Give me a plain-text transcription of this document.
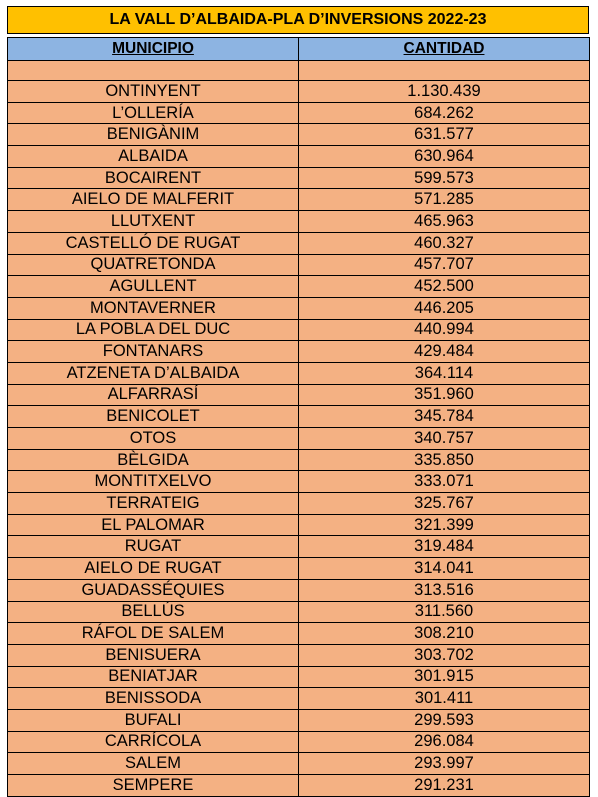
LA VALL D’ALBAIDA-PLA D’INVERSIONS 2022-23
MUNICIPIO	CANTIDAD

ONTINYENT	1.130.439
L’OLLERÍA	684.262
BENIGÀNIM	631.577
ALBAIDA	630.964
BOCAIRENT	599.573
AIELO DE MALFERIT	571.285
LLUTXENT	465.963
CASTELLÓ DE RUGAT	460.327
QUATRETONDA	457.707
AGULLENT	452.500
MONTAVERNER	446.205
LA POBLA DEL DUC	440.994
FONTANARS	429.484
ATZENETA D’ALBAIDA	364.114
ALFARRASÍ	351.960
BENICOLET	345.784
OTOS	340.757
BÈLGIDA	335.850
MONTITXELVO	333.071
TERRATEIG	325.767
EL PALOMAR	321.399
RUGAT	319.484
AIELO DE RUGAT	314.041
GUADASSÉQUIES	313.516
BELLÚS	311.560
RÁFOL DE SALEM	308.210
BENISUERA	303.702
BENIATJAR	301.915
BENISSODA	301.411
BUFALI	299.593
CARRÍCOLA	296.084
SALEM	293.997
SEMPERE	291.231
